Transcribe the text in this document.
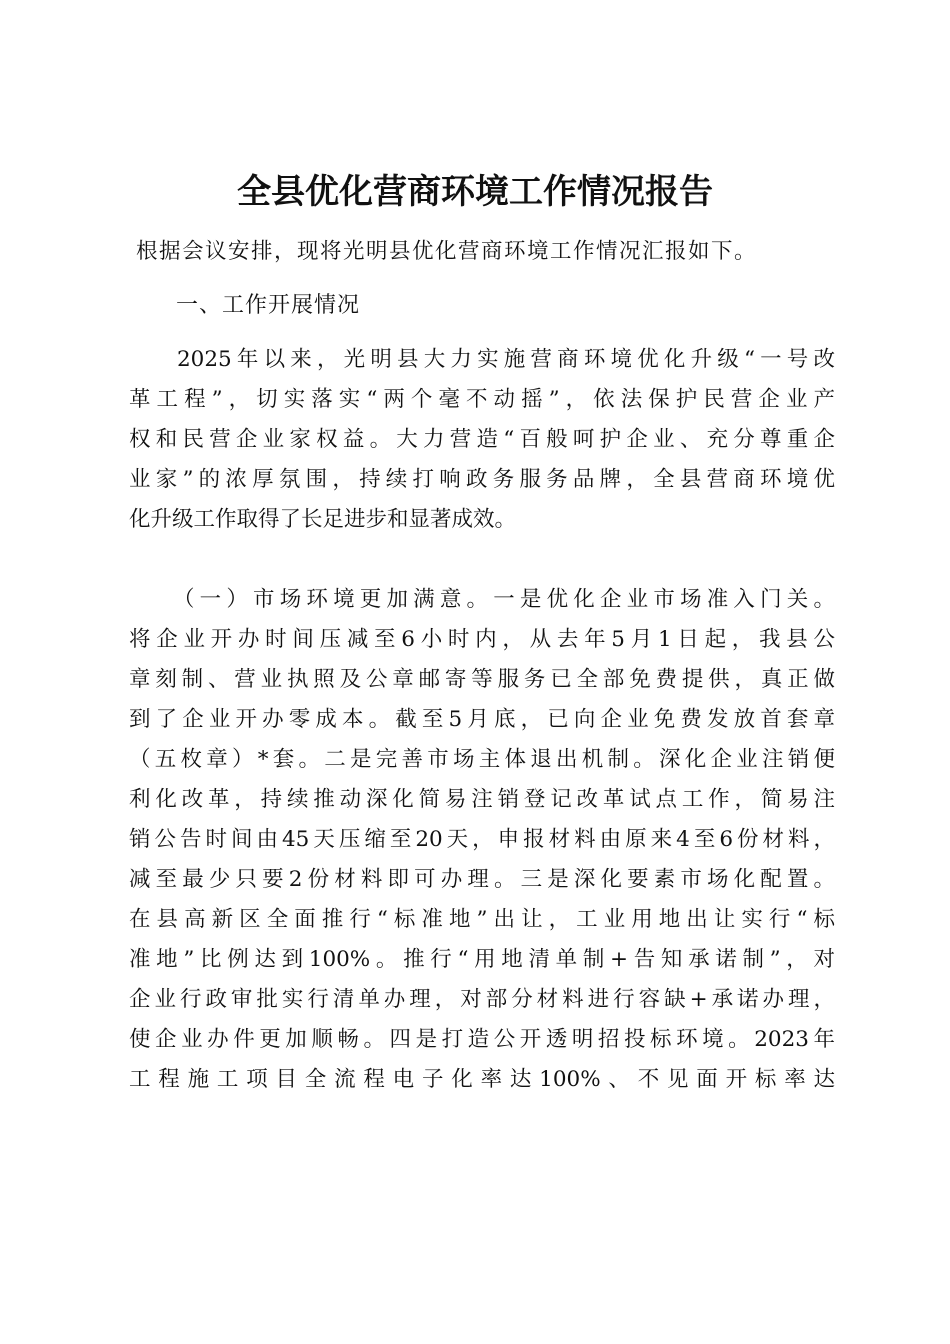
全县优化营商环境工作情况报告
根据会议安排，现将光明县优化营商环境工作情况汇报如下。
一、工作开展情况
2025年以来，光明县大力实施营商环境优化升级“一号改
革工程”，切实落实“两个毫不动摇”，依法保护民营企业产
权和民营企业家权益。大力营造“百般呵护企业、充分尊重企
业家”的浓厚氛围，持续打响政务服务品牌，全县营商环境优
化升级工作取得了长足进步和显著成效。
（一）市场环境更加满意。一是优化企业市场准入门关。
将企业开办时间压减至6小时内，从去年5月1日起，我县公
章刻制、营业执照及公章邮寄等服务已全部免费提供，真正做
到了企业开办零成本。截至5月底，已向企业免费发放首套章
（五枚章）*套。二是完善市场主体退出机制。深化企业注销便
利化改革，持续推动深化简易注销登记改革试点工作，简易注
销公告时间由45天压缩至20天，申报材料由原来4至6份材料，
减至最少只要2份材料即可办理。三是深化要素市场化配置。
在县高新区全面推行“标准地”出让，工业用地出让实行“标
准地”比例达到100%。推行“用地清单制+告知承诺制”，对
企业行政审批实行清单办理，对部分材料进行容缺+承诺办理，
使企业办件更加顺畅。四是打造公开透明招投标环境。2023年
工程施工项目全流程电子化率达100%、不见面开标率达
